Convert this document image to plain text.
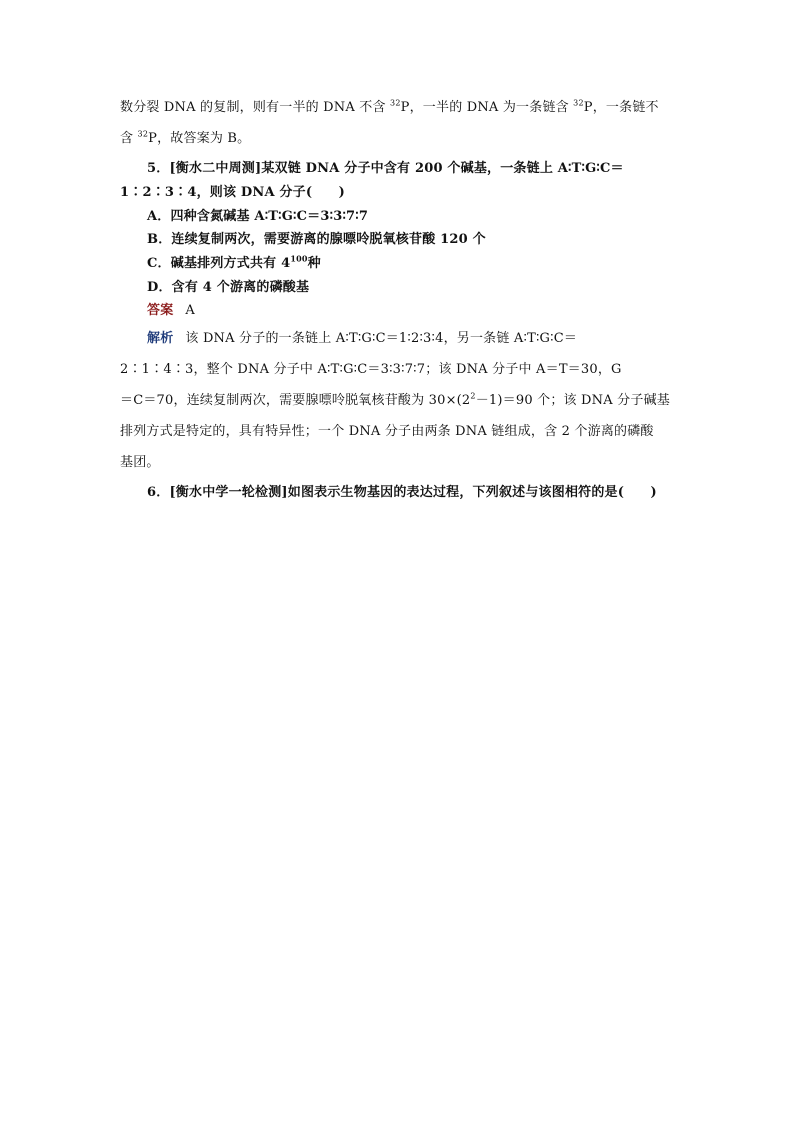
数分裂 DNA 的复制，则有一半的 DNA 不含 $^{32}$P，一半的 DNA 为一条链含 $^{32}$P，一条链不
含 $^{32}$P，故答案为 B。
5．[衡水二中周测]某双链 DNA 分子中含有 200 个碱基，一条链上 A∶T∶G∶C＝
1∶2∶3∶4，则该 DNA 分子(　　)
A．四种含氮碱基 A∶T∶G∶C＝3∶3∶7∶7
B．连续复制两次，需要游离的腺嘌呤脱氧核苷酸 120 个
C．碱基排列方式共有 $4^{100}$种
D．含有 4 个游离的磷酸基
答案 A
解析 该 DNA 分子的一条链上 A∶T∶G∶C＝1∶2∶3∶4，另一条链 A∶T∶G∶C＝
2∶1∶4∶3，整个 DNA 分子中 A∶T∶G∶C＝3∶3∶7∶7；该 DNA 分子中 A＝T＝30，G
＝C＝70，连续复制两次，需要腺嘌呤脱氧核苷酸为 $30\times(2^2-1)=90$ 个；该 DNA 分子碱基
排列方式是特定的，具有特异性；一个 DNA 分子由两条 DNA 链组成，含 2 个游离的磷酸
基团。
6．[衡水中学一轮检测]如图表示生物基因的表达过程，下列叙述与该图相符的是(　　)
